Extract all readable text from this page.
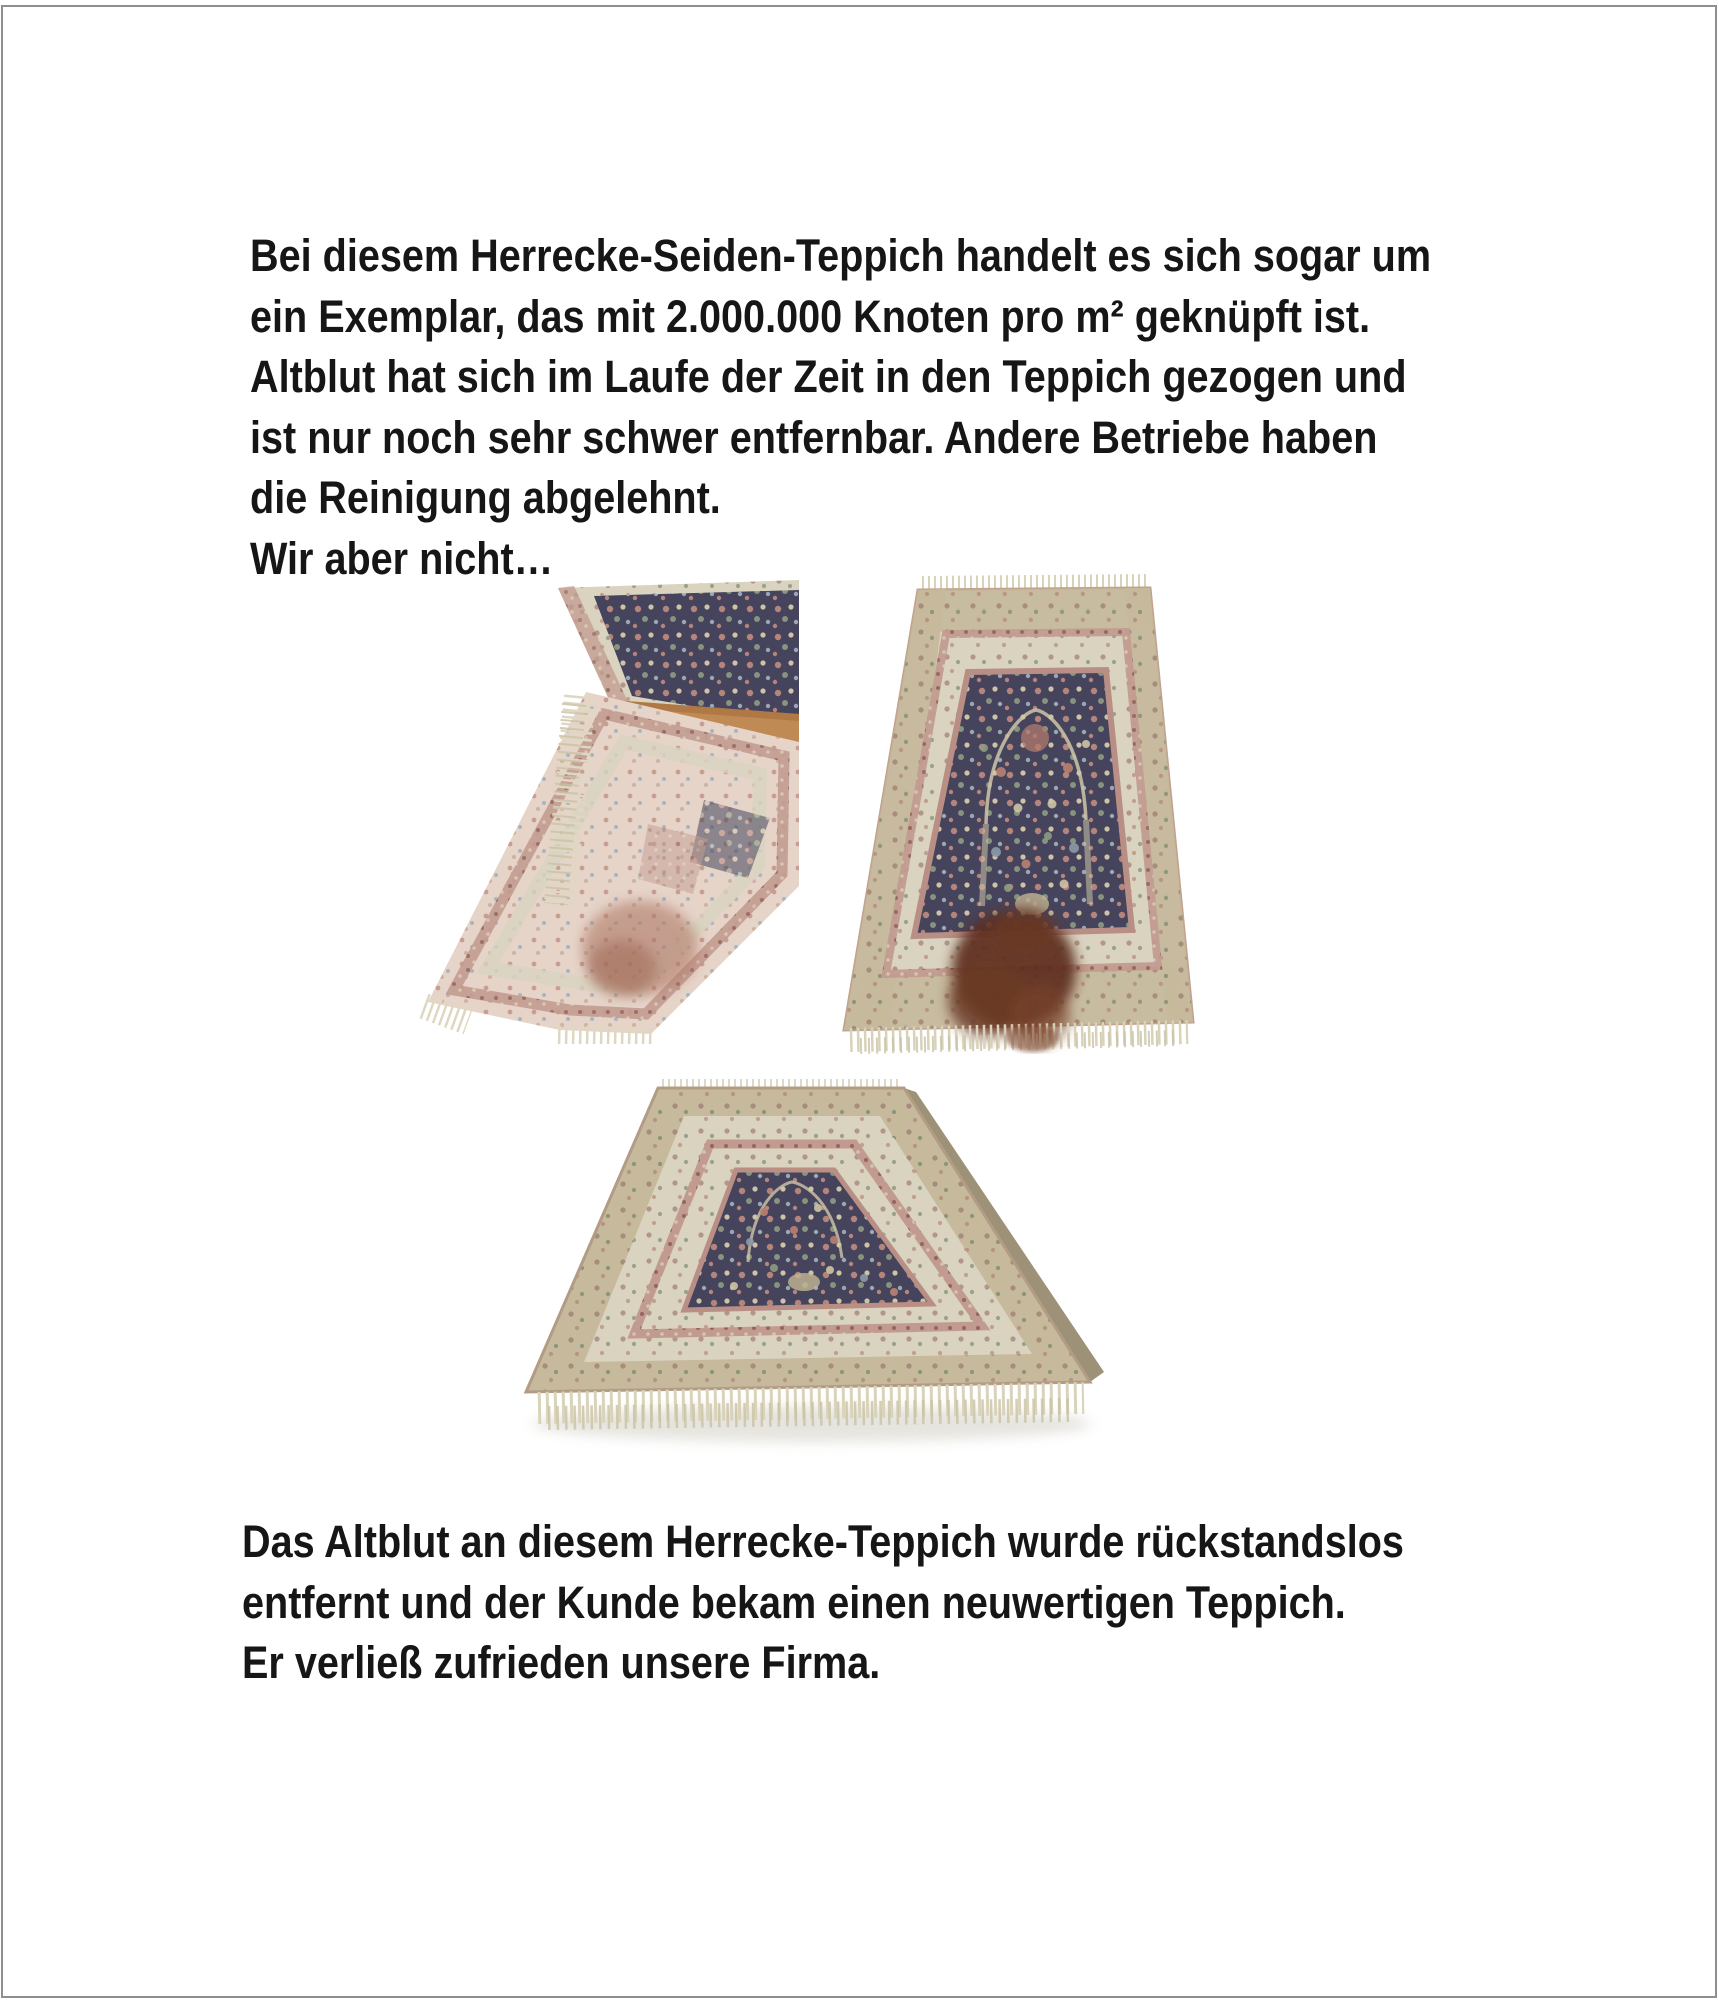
Bei diesem Herrecke-Seiden-Teppich handelt es sich sogar um
ein Exemplar, das mit 2.000.000 Knoten pro m² geknüpft ist.
Altblut hat sich im Laufe der Zeit in den Teppich gezogen und
ist nur noch sehr schwer entfernbar. Andere Betriebe haben
die Reinigung abgelehnt.
Wir aber nicht…
Das Altblut an diesem Herrecke-Teppich wurde rückstandslos
entfernt und der Kunde bekam einen neuwertigen Teppich.
Er verließ zufrieden unsere Firma.
